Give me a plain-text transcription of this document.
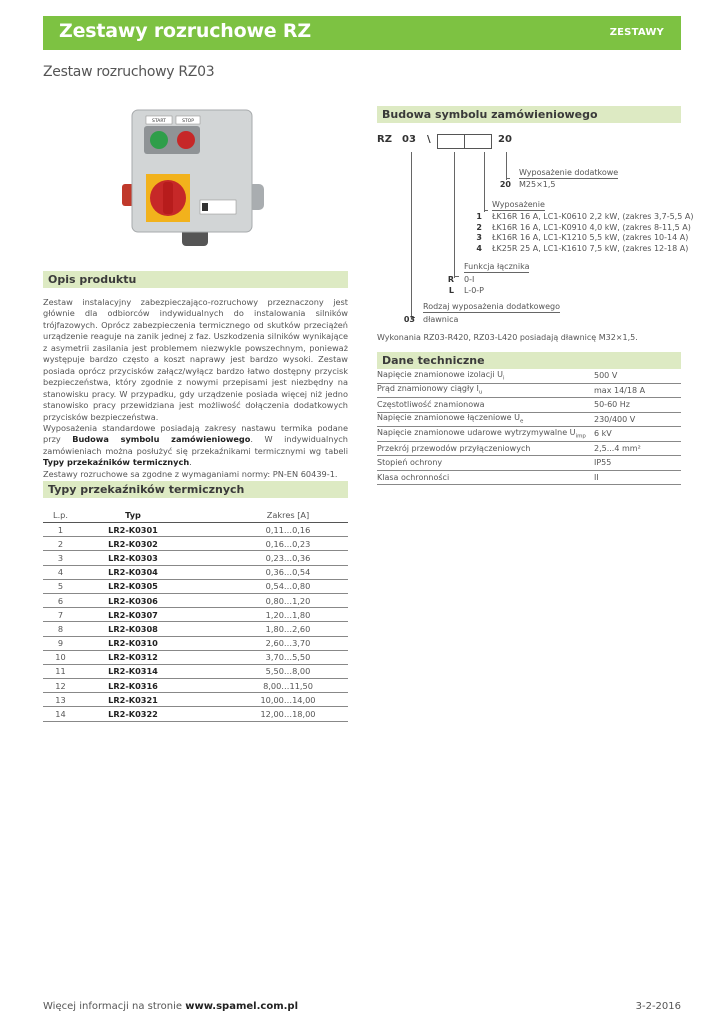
Zestawy rozruchowe RZ	ZESTAWY
Zestaw rozruchowy RZ03
START	STOP
Opis produktu

Zestaw instalacyjny zabezpieczająco-rozruchowy przeznaczony jest głównie dla odbiorców indywidualnych do instalowania silników trójfazowych. Oprócz zabezpieczenia termicznego od skutków przeciążeń urządzenie reaguje na zanik jednej z faz. Uszkodzenia silników wynikające z asymetrii zasilania jest problemem niezwykle powszechnym, ponieważ występuje bardzo często a koszt naprawy jest bardzo wysoki. Zestaw posiada oprócz przycisków załącz/wyłącz bardzo łatwo dostępny przycisk bezpieczeństwa, który zgodnie z nowymi przepisami jest niezbędny na stanowisku pracy. W przypadku, gdy urządzenie posiada więcej niż jedno stanowisko pracy przewidziana jest możliwość dołączenia dodatkowych przycisków bezpieczeństwa.

Wyposażenia standardowe posiadają zakresy nastawu termika podane przy Budowa symbolu zamówieniowego. W indywidualnych zamówieniach można posłużyć się przekaźnikami termicznymi wg tabeli Typy przekaźników termicznych.

Zestawy rozruchowe sa zgodne z wymaganiami normy: PN-EN 60439-1.

Typy przekaźników termicznych
L.p.	Typ	Zakres [A]
1	LR2-K0301	0,11…0,16
2	LR2-K0302	0,16…0,23
3	LR2-K0303	0,23…0,36
4	LR2-K0304	0,36…0,54
5	LR2-K0305	0,54…0,80
6	LR2-K0306	0,80…1,20
7	LR2-K0307	1,20…1,80
8	LR2-K0308	1,80…2,60
9	LR2-K0310	2,60…3,70
10	LR2-K0312	3,70…5,50
11	LR2-K0314	5,50…8,00
12	LR2-K0316	8,00…11,50
13	LR2-K0321	10,00…14,00
14	LR2-K0322	12,00…18,00
Budowa symbolu zamówieniowego
RZ 03 \	20
Wyposażenie dodatkowe
20 M25×1,5
Wyposażenie
1 ŁK16R 16 A, LC1-K0610 2,2 kW, (zakres 3,7-5,5 A)
2 ŁK16R 16 A, LC1-K0910 4,0 kW, (zakres 8-11,5 A)
3 ŁK16R 16 A, LC1-K1210 5,5 kW, (zakres 10-14 A)
4 ŁK25R 25 A, LC1-K1610 7,5 kW, (zakres 12-18 A)
Funkcja łącznika
R 0-I
L L-0-P
Rodzaj wyposażenia dodatkowego
03 dławnica
Wykonania RZ03-R420, RZ03-L420 posiadają dławnicę M32×1,5.
Dane techniczne
Napięcie znamionowe izolacji $U_i$	500 V
Prąd znamionowy ciągły $I_u$	max 14/18 A
Częstotliwość znamionowa	50-60 Hz
Napięcie znamionowe łączeniowe $U_e$	230/400 V
Napięcie znamionowe udarowe wytrzymywalne $U_{imp}$	6 kV
Przekrój przewodów przyłączeniowych	2,5...4 mm²
Stopień ochrony	IP55
Klasa ochronności	II
Więcej informacji na stronie www.spamel.com.pl	3-2-2016
